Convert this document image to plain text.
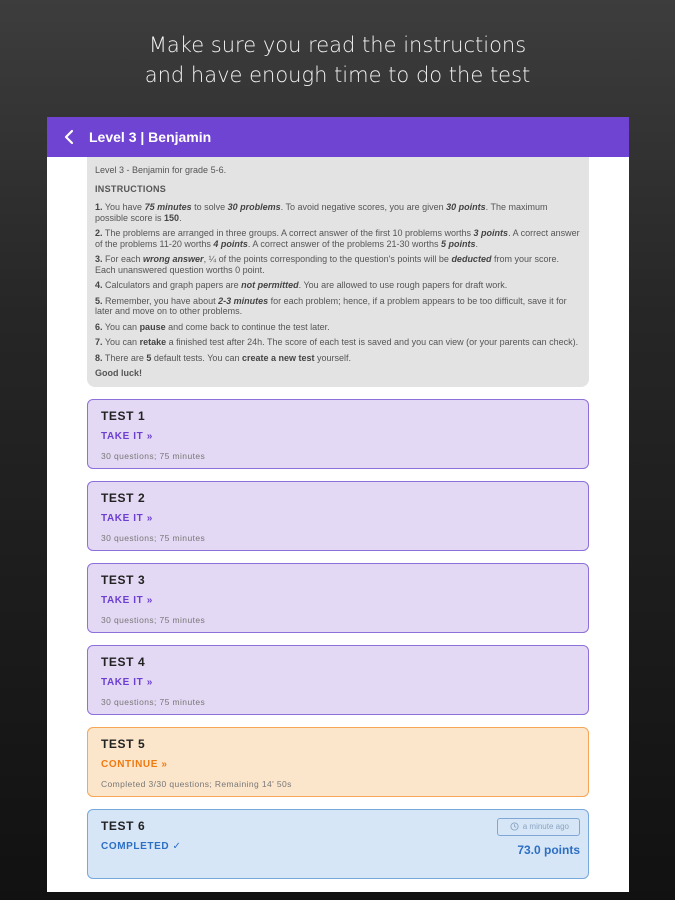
Make sure you read the instructions
and have enough time to do the test
Level 3 | Benjamin

Level 3 - Benjamin for grade 5-6.

INSTRUCTIONS

1. You have 75 minutes to solve 30 problems. To avoid negative scores, you are given 30 points. The maximum possible score is 150.

2. The problems are arranged in three groups. A correct answer of the first 10 problems worths 3 points. A correct answer of the problems 11-20 worths 4 points. A correct answer of the problems 21-30 worths 5 points.

3. For each wrong answer, ¼ of the points corresponding to the question's points will be deducted from your score. Each unanswered question worths 0 point.

4. Calculators and graph papers are not permitted. You are allowed to use rough papers for draft work.

5. Remember, you have about 2-3 minutes for each problem; hence, if a problem appears to be too difficult, save it for later and move on to other problems.

6. You can pause and come back to continue the test later.

7. You can retake a finished test after 24h. The score of each test is saved and you can view (or your parents can check).

8. There are 5 default tests. You can create a new test yourself.

Good luck!

TEST 1
TAKE IT »
30 questions; 75 minutes
TEST 2
TAKE IT »
30 questions; 75 minutes
TEST 3
TAKE IT »
30 questions; 75 minutes
TEST 4
TAKE IT »
30 questions; 75 minutes
TEST 5
CONTINUE »
Completed 3/30 questions; Remaining 14' 50s
TEST 6
COMPLETED ✓
a minute ago
73.0 points
